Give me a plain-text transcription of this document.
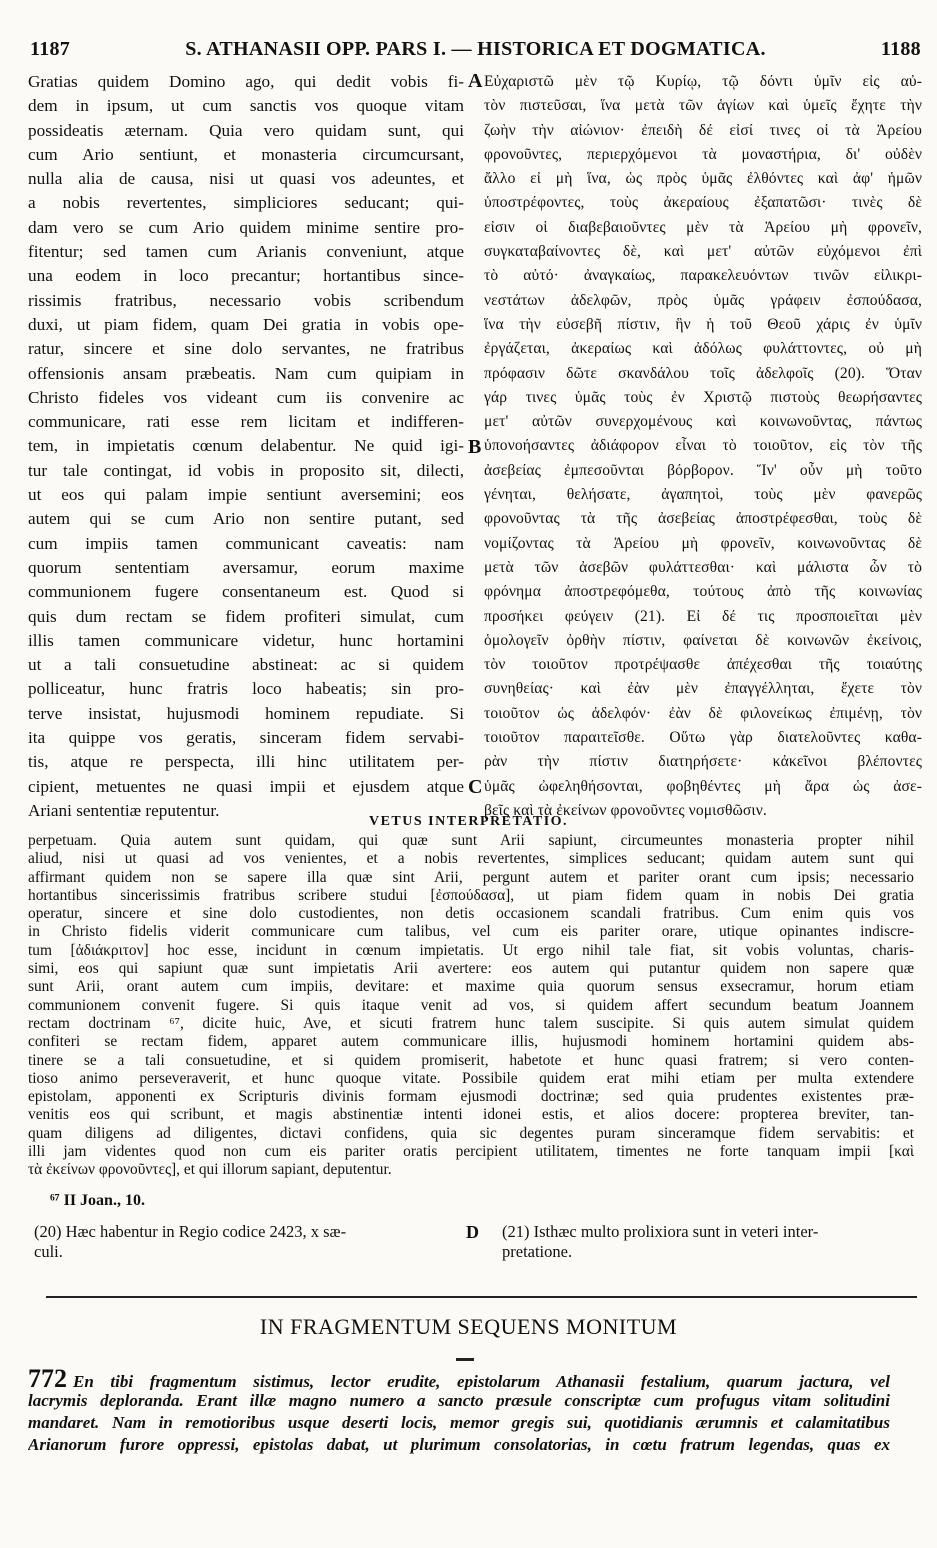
1187	S. ATHANASII OPP. PARS I. — HISTORICA ET DOGMATICA.	1188
Gratias quidem Domino ago, qui dedit vobis fi-
dem in ipsum, ut cum sanctis vos quoque vitam
possideatis æternam. Quia vero quidam sunt, qui
cum Ario sentiunt, et monasteria circumcursant,
nulla alia de causa, nisi ut quasi vos adeuntes, et
a nobis revertentes, simpliciores seducant; qui-
dam vero se cum Ario quidem minime sentire pro-
fitentur; sed tamen cum Arianis conveniunt, atque
una eodem in loco precantur; hortantibus since-
rissimis fratribus, necessario vobis scribendum
duxi, ut piam fidem, quam Dei gratia in vobis ope-
ratur, sincere et sine dolo servantes, ne fratribus
offensionis ansam præbeatis. Nam cum quipiam in
Christo fideles vos videant cum iis convenire ac
communicare, rati esse rem licitam et indifferen-
tem, in impietatis cœnum delabentur. Ne quid igi-
tur tale contingat, id vobis in proposito sit, dilecti,
ut eos qui palam impie sentiunt aversemini; eos
autem qui se cum Ario non sentire putant, sed
cum impiis tamen communicant caveatis: nam
quorum sententiam aversamur, eorum maxime
communionem fugere consentaneum est. Quod si
quis dum rectam se fidem profiteri simulat, cum
illis tamen communicare videtur, hunc hortamini
ut a tali consuetudine abstineat: ac si quidem
polliceatur, hunc fratris loco habeatis; sin pro-
terve insistat, hujusmodi hominem repudiate. Si
ita quippe vos geratis, sinceram fidem servabi-
tis, atque re perspecta, illi hinc utilitatem per-
cipient, metuentes ne quasi impii et ejusdem atque
Ariani sententiæ reputentur.
Εὐχαριστῶ μὲν τῷ Κυρίῳ, τῷ δόντι ὑμῖν εἰς αὐ-
τὸν πιστεῦσαι, ἵνα μετὰ τῶν ἁγίων καὶ ὑμεῖς ἔχητε τὴν
ζωὴν τὴν αἰώνιον· ἐπειδὴ δέ εἰσί τινες οἱ τὰ Ἀρείου
φρονοῦντες, περιερχόμενοι τὰ μοναστήρια, δι' οὐδὲν
ἄλλο εἰ μὴ ἵνα, ὡς πρὸς ὑμᾶς ἐλθόντες καὶ ἀφ' ἡμῶν
ὑποστρέφοντες, τοὺς ἀκεραίους ἐξαπατῶσι· τινὲς δὲ
εἰσιν οἱ διαβεβαιοῦντες μὲν τὰ Ἀρείου μὴ φρονεῖν,
συγκαταβαίνοντες δὲ, καὶ μετ' αὐτῶν εὐχόμενοι ἐπὶ
τὸ αὐτό· ἀναγκαίως, παρακελευόντων τινῶν εἰλικρι-
νεστάτων ἀδελφῶν, πρὸς ὑμᾶς γράφειν ἐσπούδασα,
ἵνα τὴν εὐσεβῆ πίστιν, ἣν ἡ τοῦ Θεοῦ χάρις ἐν ὑμῖν
ἐργάζεται, ἀκεραίως καὶ ἀδόλως φυλάττοντες, οὐ μὴ
πρόφασιν δῶτε σκανδάλου τοῖς ἀδελφοῖς (20). Ὅταν
γάρ τινες ὑμᾶς τοὺς ἐν Χριστῷ πιστοὺς θεωρήσαντες
μετ' αὐτῶν συνερχομένους καὶ κοινωνοῦντας, πάντως
ὑπονοήσαντες ἀδιάφορον εἶναι τὸ τοιοῦτον, εἰς τὸν τῆς
ἀσεβείας ἐμπεσοῦνται βόρβορον. Ἵν' οὖν μὴ τοῦτο
γένηται, θελήσατε, ἀγαπητοὶ, τοὺς μὲν φανερῶς
φρονοῦντας τὰ τῆς ἀσεβείας ἀποστρέφεσθαι, τοὺς δὲ
νομίζοντας τὰ Ἀρείου μὴ φρονεῖν, κοινωνοῦντας δὲ
μετὰ τῶν ἀσεβῶν φυλάττεσθαι· καὶ μάλιστα ὧν τὸ
φρόνημα ἀποστρεφόμεθα, τούτους ἀπὸ τῆς κοινωνίας
προσήκει φεύγειν (21). Εἰ δέ τις προσποιεῖται μὲν
ὁμολογεῖν ὀρθὴν πίστιν, φαίνεται δὲ κοινωνῶν ἐκείνοις,
τὸν τοιοῦτον προτρέψασθε ἀπέχεσθαι τῆς τοιαύτης
συνηθείας· καὶ ἐὰν μὲν ἐπαγγέλληται, ἔχετε τὸν
τοιοῦτον ὡς ἀδελφόν· ἐὰν δὲ φιλονείκως ἐπιμένῃ, τὸν
τοιοῦτον παραιτεῖσθε. Οὕτω γὰρ διατελοῦντες καθα-
ρὰν τὴν πίστιν διατηρήσετε· κἀκεῖνοι βλέποντες
ὑμᾶς ὠφεληθήσονται, φοβηθέντες μὴ ἄρα ὡς ἀσε-
βεῖς καὶ τὰ ἐκείνων φρονοῦντες νομισθῶσιν.
A
B
C
VETUS INTERPRETATIO.
perpetuam. Quia autem sunt quidam, qui quæ sunt Arii sapiunt, circumeuntes monasteria propter nihil
aliud, nisi ut quasi ad vos venientes, et a nobis revertentes, simplices seducant; quidam autem sunt qui
affirmant quidem non se sapere illa quæ sint Arii, pergunt autem et pariter orant cum ipsis; necessario
hortantibus sincerissimis fratribus scribere studui [ἐσπούδασα], ut piam fidem quam in nobis Dei gratia
operatur, sincere et sine dolo custodientes, non detis occasionem scandali fratribus. Cum enim quis vos
in Christo fidelis viderit communicare cum talibus, vel cum eis pariter orare, utique opinantes indiscre-
tum [ἀδιάκριτον] hoc esse, incidunt in cœnum impietatis. Ut ergo nihil tale fiat, sit vobis voluntas, charis-
simi, eos qui sapiunt quæ sunt impietatis Arii avertere: eos autem qui putantur quidem non sapere quæ
sunt Arii, orant autem cum impiis, devitare: et maxime quia quorum sensus exsecramur, horum etiam
communionem convenit fugere. Si quis itaque venit ad vos, si quidem affert secundum beatum Joannem
rectam doctrinam ⁶⁷, dicite huic, Ave, et sicuti fratrem hunc talem suscipite. Si quis autem simulat quidem
confiteri se rectam fidem, apparet autem communicare illis, hujusmodi hominem hortamini quidem abs-
tinere se a tali consuetudine, et si quidem promiserit, habetote et hunc quasi fratrem; si vero conten-
tioso animo perseveraverit, et hunc quoque vitate. Possibile quidem erat mihi etiam per multa extendere
epistolam, apponenti ex Scripturis divinis formam ejusmodi doctrinæ; sed quia prudentes existentes præ-
venitis eos qui scribunt, et magis abstinentiæ intenti idonei estis, et alios docere: propterea breviter, tan-
quam diligens ad diligentes, dictavi confidens, quia sic degentes puram sinceramque fidem servabitis: et
illi jam videntes quod non cum eis pariter oratis percipient utilitatem, timentes ne forte tanquam impii [καὶ
τὰ ἐκείνων φρονοῦντες], et qui illorum sapiant, deputentur.
⁶⁷ II Joan., 10.
(20) Hæc habentur in Regio codice 2423, x sæ-
culi.
D (21) Isthæc multo prolixiora sunt in veteri inter-
pretatione.
IN FRAGMENTUM SEQUENS MONITUM
772 En tibi fragmentum sistimus, lector erudite, epistolarum Athanasii festalium, quarum jactura, vel
lacrymis deploranda. Erant illæ magno numero a sancto præsule conscriptæ cum profugus vitam solitudini
mandaret. Nam in remotioribus usque deserti locis, memor gregis sui, quotidianis ærumnis et calamitatibus
Arianorum furore oppressi, epistolas dabat, ut plurimum consolatorias, in cœtu fratrum legendas, quas ex
